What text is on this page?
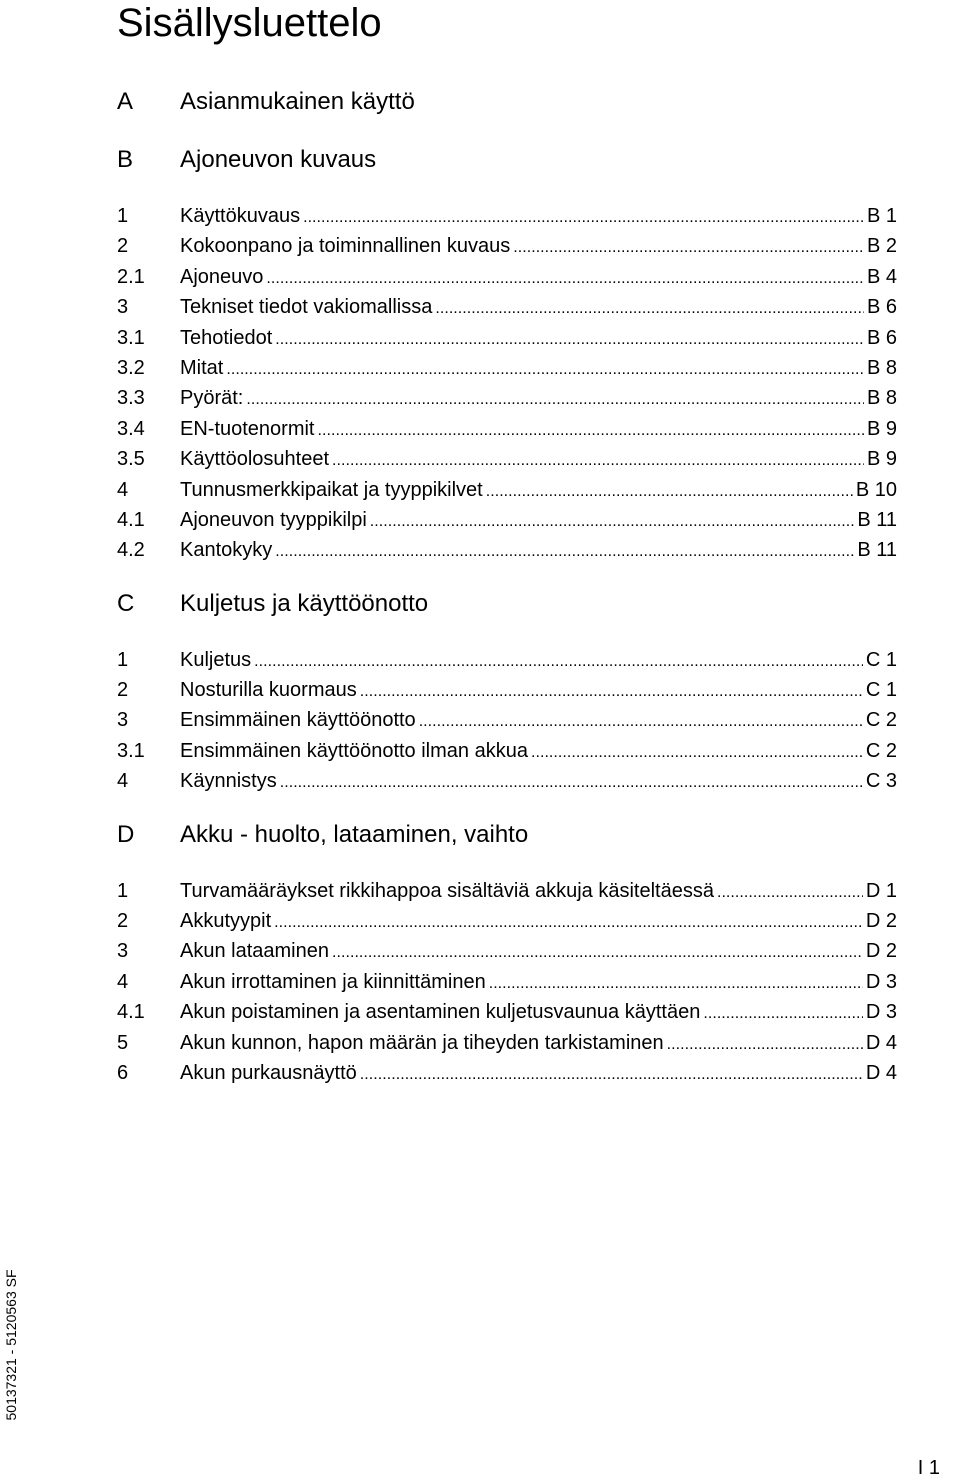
Sisällysluettelo
A	Asianmukainen käyttö
B	Ajoneuvon kuvaus
1	Käyttökuvaus . . .	B 1
2	Kokoonpano ja toiminnallinen kuvaus . . .	B 2
2.1	Ajoneuvo . . .	B 4
3	Tekniset tiedot vakiomallissa . . .	B 6
3.1	Tehotiedot . . .	B 6
3.2	Mitat . . .	B 8
3.3	Pyörät: . . .	B 8
3.4	EN-tuotenormit . . .	B 9
3.5	Käyttöolosuhteet . . .	B 9
4	Tunnusmerkkipaikat ja tyyppikilvet . . .	B 10
4.1	Ajoneuvon tyyppikilpi . . .	B 11
4.2	Kantokyky . . .	B 11
C	Kuljetus ja käyttöönotto
1	Kuljetus . . .	C 1
2	Nosturilla kuormaus . . .	C 1
3	Ensimmäinen käyttöönotto . . .	C 2
3.1	Ensimmäinen käyttöönotto ilman akkua . . .	C 2
4	Käynnistys . . .	C 3
D	Akku - huolto, lataaminen, vaihto
1	Turvamääräykset rikkihappoa sisältäviä akkuja käsiteltäessä . . .	D 1
2	Akkutyypit . . .	D 2
3	Akun lataaminen . . .	D 2
4	Akun irrottaminen ja kiinnittäminen . . .	D 3
4.1	Akun poistaminen ja asentaminen kuljetusvaunua käyttäen . . .	D 3
5	Akun kunnon, hapon määrän ja tiheyden tarkistaminen . . .	D 4
6	Akun purkausnäyttö . . .	D 4
50137321 - 5120563 SF
I 1
